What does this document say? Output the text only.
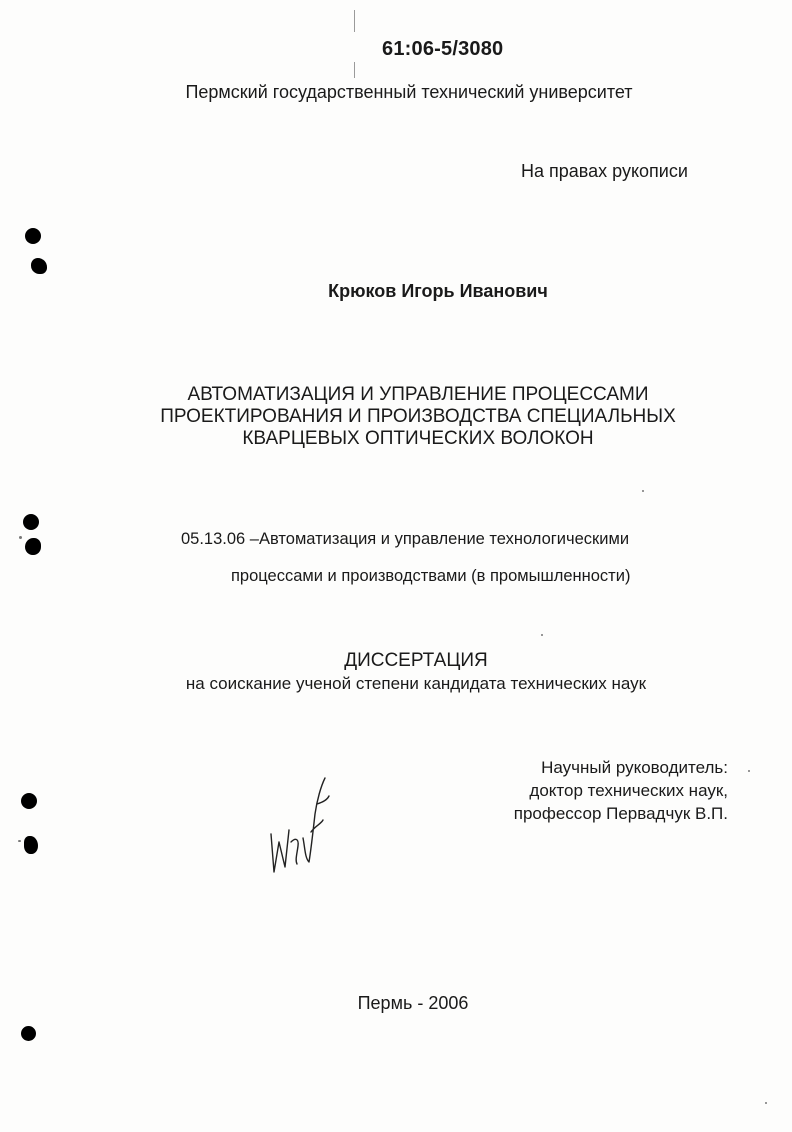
61:06-5/3080
Пермский государственный технический университет
На правах рукописи
Крюков Игорь Иванович
АВТОМАТИЗАЦИЯ И УПРАВЛЕНИЕ ПРОЦЕССАМИ
ПРОЕКТИРОВАНИЯ И ПРОИЗВОДСТВА СПЕЦИАЛЬНЫХ
КВАРЦЕВЫХ ОПТИЧЕСКИХ ВОЛОКОН
05.13.06 –Автоматизация и управление технологическими
процессами и производствами (в промышленности)
ДИССЕРТАЦИЯ
на соискание ученой степени кандидата технических наук
Научный руководитель:
доктор технических наук,
профессор Первадчук В.П.
Пермь - 2006
